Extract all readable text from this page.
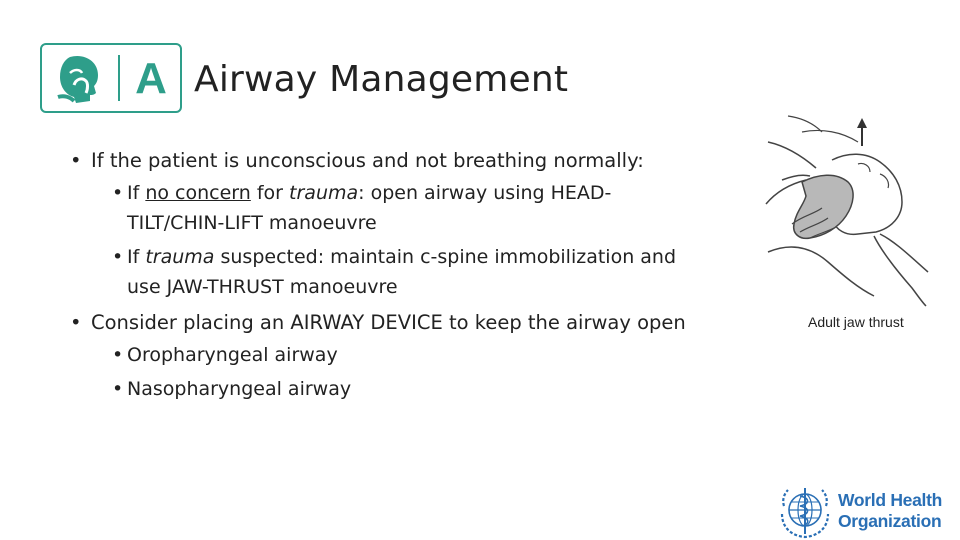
A Airway Management
• If the patient is unconscious and not breathing normally:
• If no concern for trauma: open airway using HEAD-
TILT/CHIN-LIFT manoeuvre
• If trauma suspected: maintain c-spine immobilization and
use JAW-THRUST manoeuvre
• Consider placing an AIRWAY DEVICE to keep the airway open
• Oropharyngeal airway
• Nasopharyngeal airway
Adult jaw thrust
World Health
Organization
